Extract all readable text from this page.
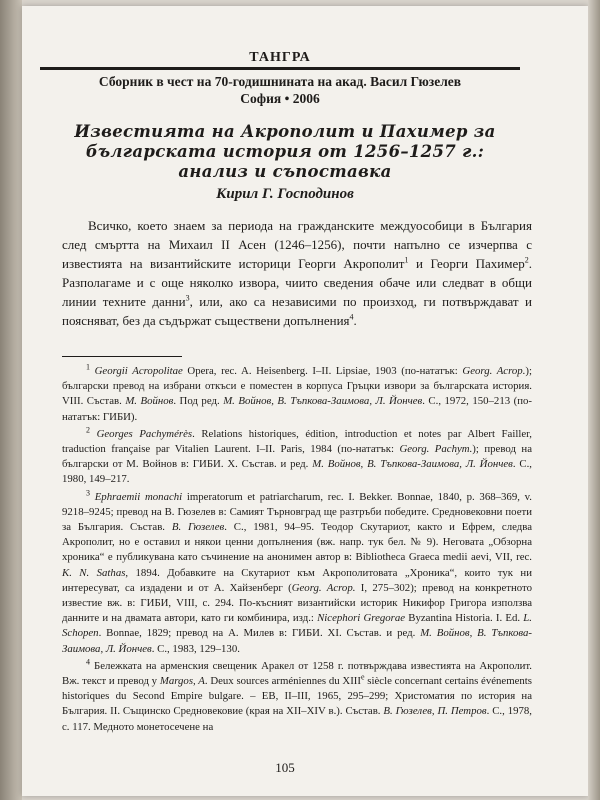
ТАНГРА
Сборник в чест на 70-годишнината на акад. Васил Гюзелев
София • 2006
Известията на Акрополит и Пахимер за
българската история от 1256–1257 г.:
анализ и съпоставка
Кирил Г. Господинов
Всичко, което знаем за периода на гражданските междуособици в България след смъртта на Михаил II Асен (1246–1256), почти напълно се изчерпва с известията на византийските историци Георги Акрополит$^1$ и Георги Пахимер$^2$. Разполагаме и с още няколко извора, чиито сведения обаче или следват в общи линии техните данни$^3$, или, ако са независими по произход, ги потвърждават и поясняват, без да съдържат съществени допълнения$^4$.
$^1$ Georgii Acropolitae Opera, rec. A. Heisenberg. I–II. Lipsiae, 1903 (по-нататък: Georg. Acrop.); български превод на избрани откъси е поместен в корпуса Гръцки извори за българската история. VIII. Състав. М. Войнов. Под ред. М. Войнов, В. Тъпкова-Заимова, Л. Йончев. С., 1972, 150–213 (по-нататък: ГИБИ).
$^2$ Georges Pachymérès. Relations historiques, édition, introduction et notes par Albert Failler, traduction française par Vitalien Laurent. I–II. Paris, 1984 (по-нататък: Georg. Pachym.); превод на български от М. Войнов в: ГИБИ. Х. Състав. и ред. М. Войнов, В. Тъпкова-Заимова, Л. Йончев. С., 1980, 149–217.
$^3$ Ephraemii monachi imperatorum et patriarcharum, rec. I. Bekker. Bonnae, 1840, p. 368–369, v. 9218–9245; превод на В. Гюзелев в: Самият Търновград ще разтръби победите. Средновековни поети за България. Състав. В. Гюзелев. С., 1981, 94–95. Теодор Скутариот, както и Ефрем, следва Акрополит, но е оставил и някои ценни допълнения (вж. напр. тук бел. № 9). Неговата „Обзорна хроника“ е публикувана като съчинение на анонимен автор в: Bibliotheca Graeca medii aevi, VII, rec. K. N. Sathas, 1894. Добавките на Скутариот към Акрополитовата „Хроника“, които тук ни интересуват, са издадени и от А. Хайзенберг (Georg. Acrop. I, 275–302); превод на конкретното известие вж. в: ГИБИ, VIII, с. 294. По-късният византийски историк Никифор Григора използва данните и на двамата автори, като ги комбинира, изд.: Nicephori Gregorae Byzantina Historia. I. Ed. L. Schopen. Bonnae, 1829; превод на А. Милев в: ГИБИ. XI. Състав. и ред. М. Войнов, В. Тъпкова-Заимова, Л. Йончев. С., 1983, 129–130.
$^4$ Бележката на арменския свещеник Аракел от 1258 г. потвърждава известията на Акрополит. Вж. текст и превод у Margos, A. Deux sources arméniennes du XIIIe siècle concernant certains événements historiques du Second Empire bulgare. – EB, II–III, 1965, 295–299; Христоматия по история на България. II. Същинско Средновековие (края на XII–XIV в.). Състав. В. Гюзелев, П. Петров. С., 1978, с. 117. Медното монетосечене на
105
